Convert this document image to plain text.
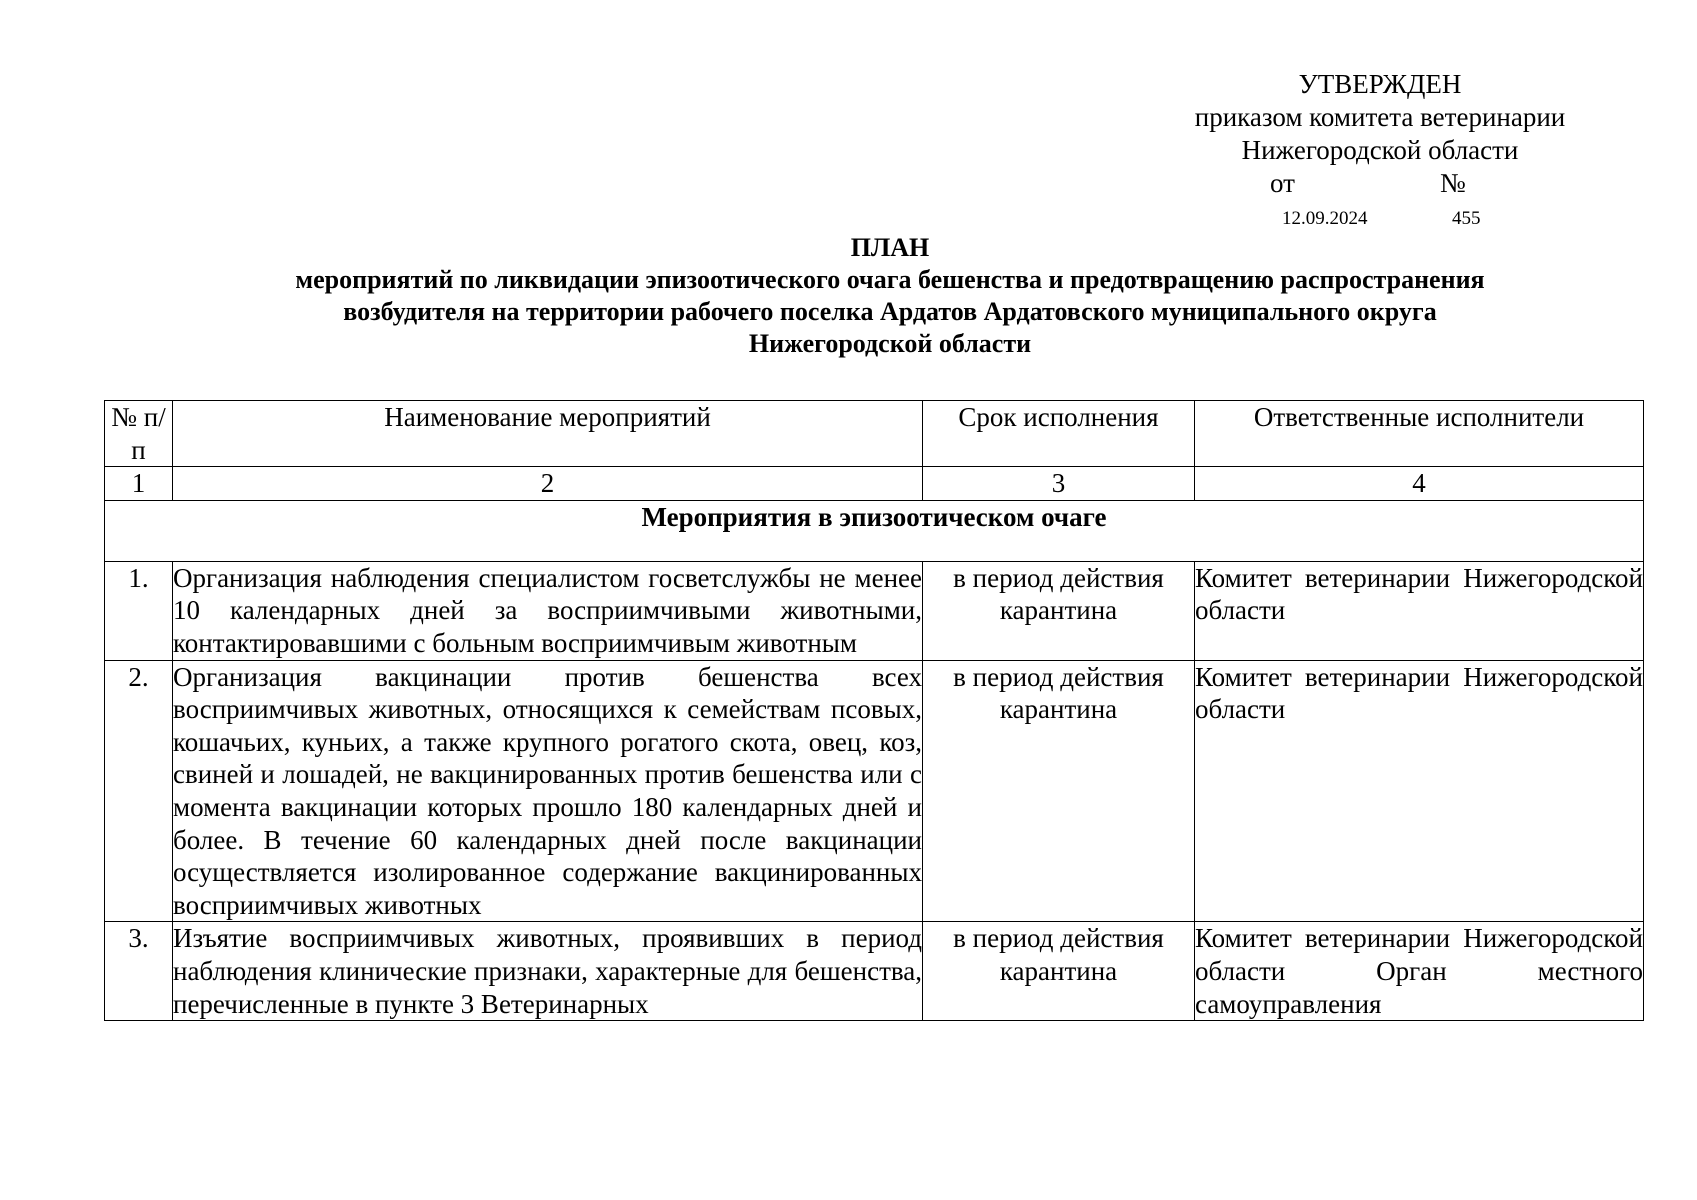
УТВЕРЖДЕН
приказом комитета ветеринарии
Нижегородской области
от	№
12.09.2024	455
ПЛАН
мероприятий по ликвидации эпизоотического очага бешенства и предотвращению распространения
возбудителя на территории рабочего поселка Ардатов Ардатовского муниципального округа
Нижегородской области
№ п/п	Наименование мероприятий	Срок исполнения	Ответственные исполнители
1	2	3	4
Мероприятия в эпизоотическом очаге			
1.	Организация наблюдения специалистом госветслужбы не менее 10 календарных дней за восприимчивыми животными, контактировавшими с больным восприимчивым животным	в период действия карантина	Комитет ветеринарии Нижегородской области
2.	Организация вакцинации против бешенства всех восприимчивых животных, относящихся к семействам псовых, кошачьих, куньих, а также крупного рогатого скота, овец, коз, свиней и лошадей, не вакцинированных против бешенства или с момента вакцинации которых прошло 180 календарных дней и более. В течение 60 календарных дней после вакцинации осуществляется изолированное содержание вакцинированных восприимчивых животных	в период действия карантина	Комитет ветеринарии Нижегородской области
3.	Изъятие восприимчивых животных, проявивших в период наблюдения клинические признаки, характерные для бешенства, перечисленные в пункте 3 Ветеринарных	в период действия карантина	Комитет ветеринарии Нижегородской области Орган местного самоуправления
